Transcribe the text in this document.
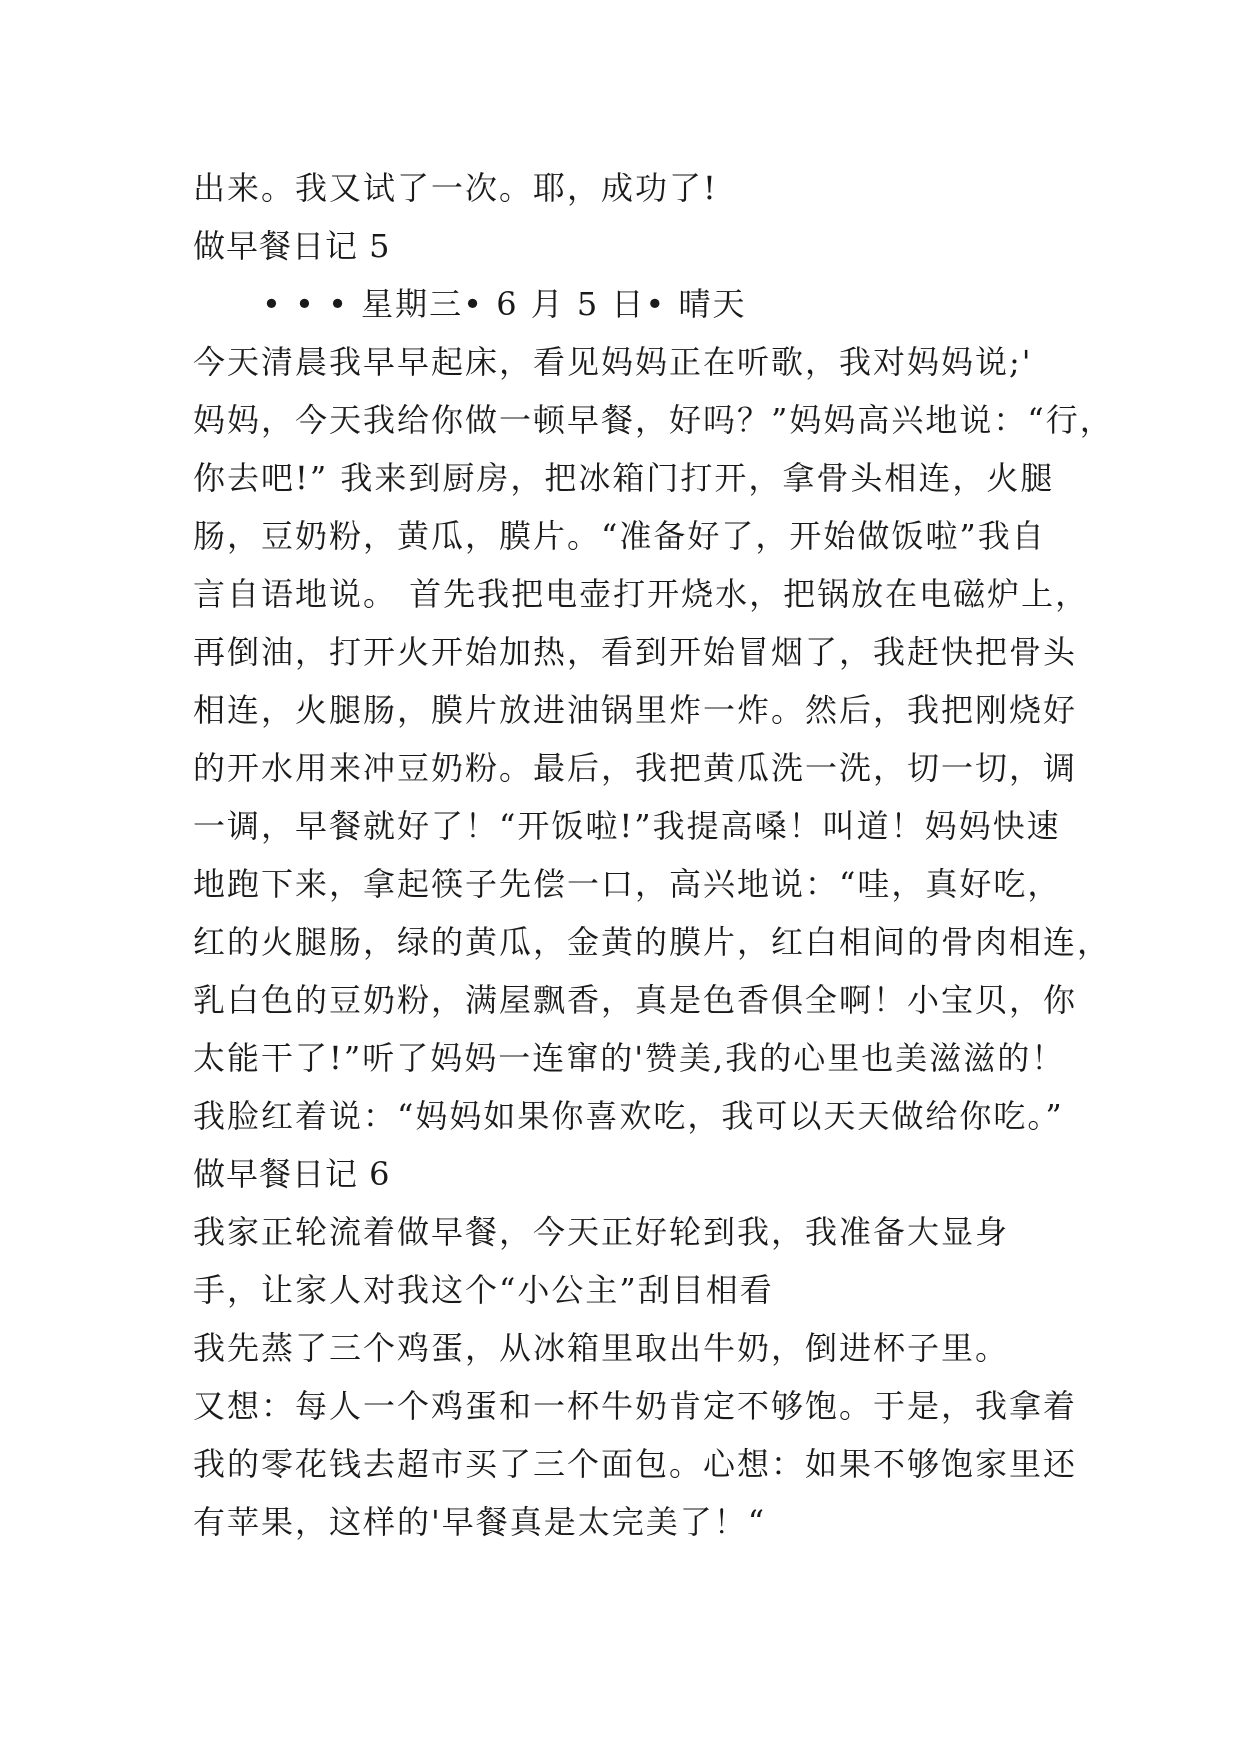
出来。我又试了一次。耶，成功了!
做早餐日记 5
• • • 星期三• 6 月 5 日• 晴天
今天清晨我早早起床，看见妈妈正在听歌，我对妈妈说;'
妈妈，今天我给你做一顿早餐，好吗？”妈妈高兴地说：“行，
你去吧!” 我来到厨房，把冰箱门打开，拿骨头相连，火腿
肠，豆奶粉，黄瓜，膜片。“准备好了，开始做饭啦”我自
言自语地说。 首先我把电壶打开烧水，把锅放在电磁炉上，
再倒油，打开火开始加热，看到开始冒烟了，我赶快把骨头
相连，火腿肠，膜片放进油锅里炸一炸。然后，我把刚烧好
的开水用来冲豆奶粉。最后，我把黄瓜洗一洗，切一切，调
一调，早餐就好了！“开饭啦!”我提高嗓！叫道！妈妈快速
地跑下来，拿起筷子先偿一口，高兴地说：“哇，真好吃，
红的火腿肠，绿的黄瓜，金黄的膜片，红白相间的骨肉相连，
乳白色的豆奶粉，满屋飘香，真是色香俱全啊！小宝贝，你
太能干了!”听了妈妈一连窜的'赞美,我的心里也美滋滋的！
我脸红着说：“妈妈如果你喜欢吃，我可以天天做给你吃。”
做早餐日记 6
我家正轮流着做早餐，今天正好轮到我，我准备大显身
手，让家人对我这个“小公主”刮目相看
我先蒸了三个鸡蛋，从冰箱里取出牛奶，倒进杯子里。
又想：每人一个鸡蛋和一杯牛奶肯定不够饱。于是，我拿着
我的零花钱去超市买了三个面包。心想：如果不够饱家里还
有苹果，这样的'早餐真是太完美了！“
